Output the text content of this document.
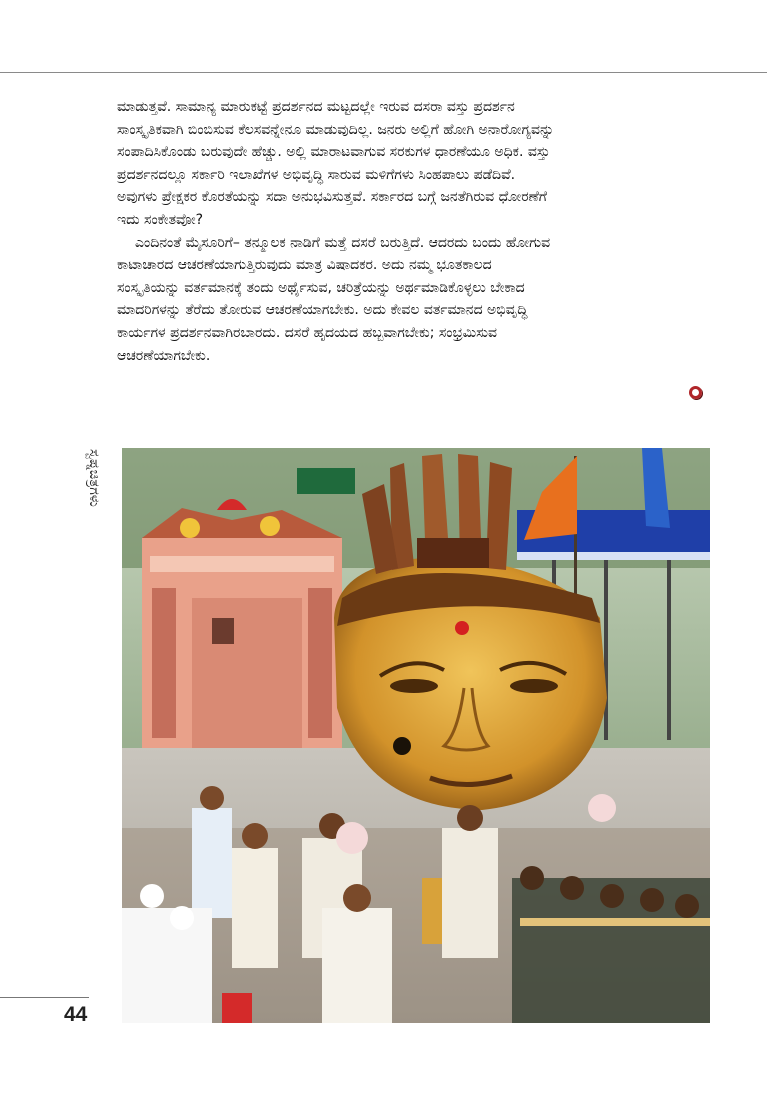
ಮಾಡುತ್ತವೆ. ಸಾಮಾನ್ಯ ಮಾರುಕಟ್ಟೆ ಪ್ರದರ್ಶನದ ಮಟ್ಟದಲ್ಲೇ ಇರುವ ದಸರಾ ವಸ್ತು ಪ್ರದರ್ಶನ
ಸಾಂಸ್ಕೃತಿಕವಾಗಿ ಬಿಂಬಿಸುವ ಕೆಲಸವನ್ನೇನೂ ಮಾಡುವುದಿಲ್ಲ. ಜನರು ಅಲ್ಲಿಗೆ ಹೋಗಿ ಅನಾರೋಗ್ಯವನ್ನು
ಸಂಪಾದಿಸಿಕೊಂಡು ಬರುವುದೇ ಹೆಚ್ಚು. ಅಲ್ಲಿ ಮಾರಾಟವಾಗುವ ಸರಕುಗಳ ಧಾರಣೆಯೂ ಅಧಿಕ. ವಸ್ತು
ಪ್ರದರ್ಶನದಲ್ಲೂ ಸರ್ಕಾರಿ ಇಲಾಖೆಗಳ ಅಭಿವೃದ್ಧಿ ಸಾರುವ ಮಳಿಗೆಗಳು ಸಿಂಹಪಾಲು ಪಡೆದಿವೆ.
ಅವುಗಳು ಪ್ರೇಕ್ಷಕರ ಕೊರತೆಯನ್ನು ಸದಾ ಅನುಭವಿಸುತ್ತವೆ. ಸರ್ಕಾರದ ಬಗ್ಗೆ ಜನತೆಗಿರುವ ಧೋರಣೆಗೆ
ಇದು ಸಂಕೇತವೋ?

ಎಂದಿನಂತೆ ಮೈಸೂರಿಗೆ– ತನ್ಮೂಲಕ ನಾಡಿಗೆ ಮತ್ತೆ ದಸರೆ ಬರುತ್ತಿದೆ. ಆದರದು ಬಂದು ಹೋಗುವ
ಕಾಟಾಚಾರದ ಆಚರಣೆಯಾಗುತ್ತಿರುವುದು ಮಾತ್ರ ವಿಷಾದಕರ. ಅದು ನಮ್ಮ ಭೂತಕಾಲದ
ಸಂಸ್ಕೃತಿಯನ್ನು ವರ್ತಮಾನಕ್ಕೆ ತಂದು ಅರ್ಥೈಸುವ, ಚರಿತ್ರೆಯನ್ನು ಅರ್ಥಮಾಡಿಕೊಳ್ಳಲು ಬೇಕಾದ
ಮಾದರಿಗಳನ್ನು ತೆರೆದು ತೋರುವ ಆಚರಣೆಯಾಗಬೇಕು. ಅದು ಕೇವಲ ವರ್ತಮಾನದ ಅಭಿವೃದ್ಧಿ
ಕಾರ್ಯಗಳ ಪ್ರದರ್ಶನವಾಗಿರಬಾರದು. ದಸರೆ ಹೃದಯದ ಹಬ್ಬವಾಗಬೇಕು; ಸಂಭ್ರಮಿಸುವ
ಆಚರಣೆಯಾಗಬೇಕು.

ಸ್ವಪ್ನಚಿತ್ರಗಳು
44
